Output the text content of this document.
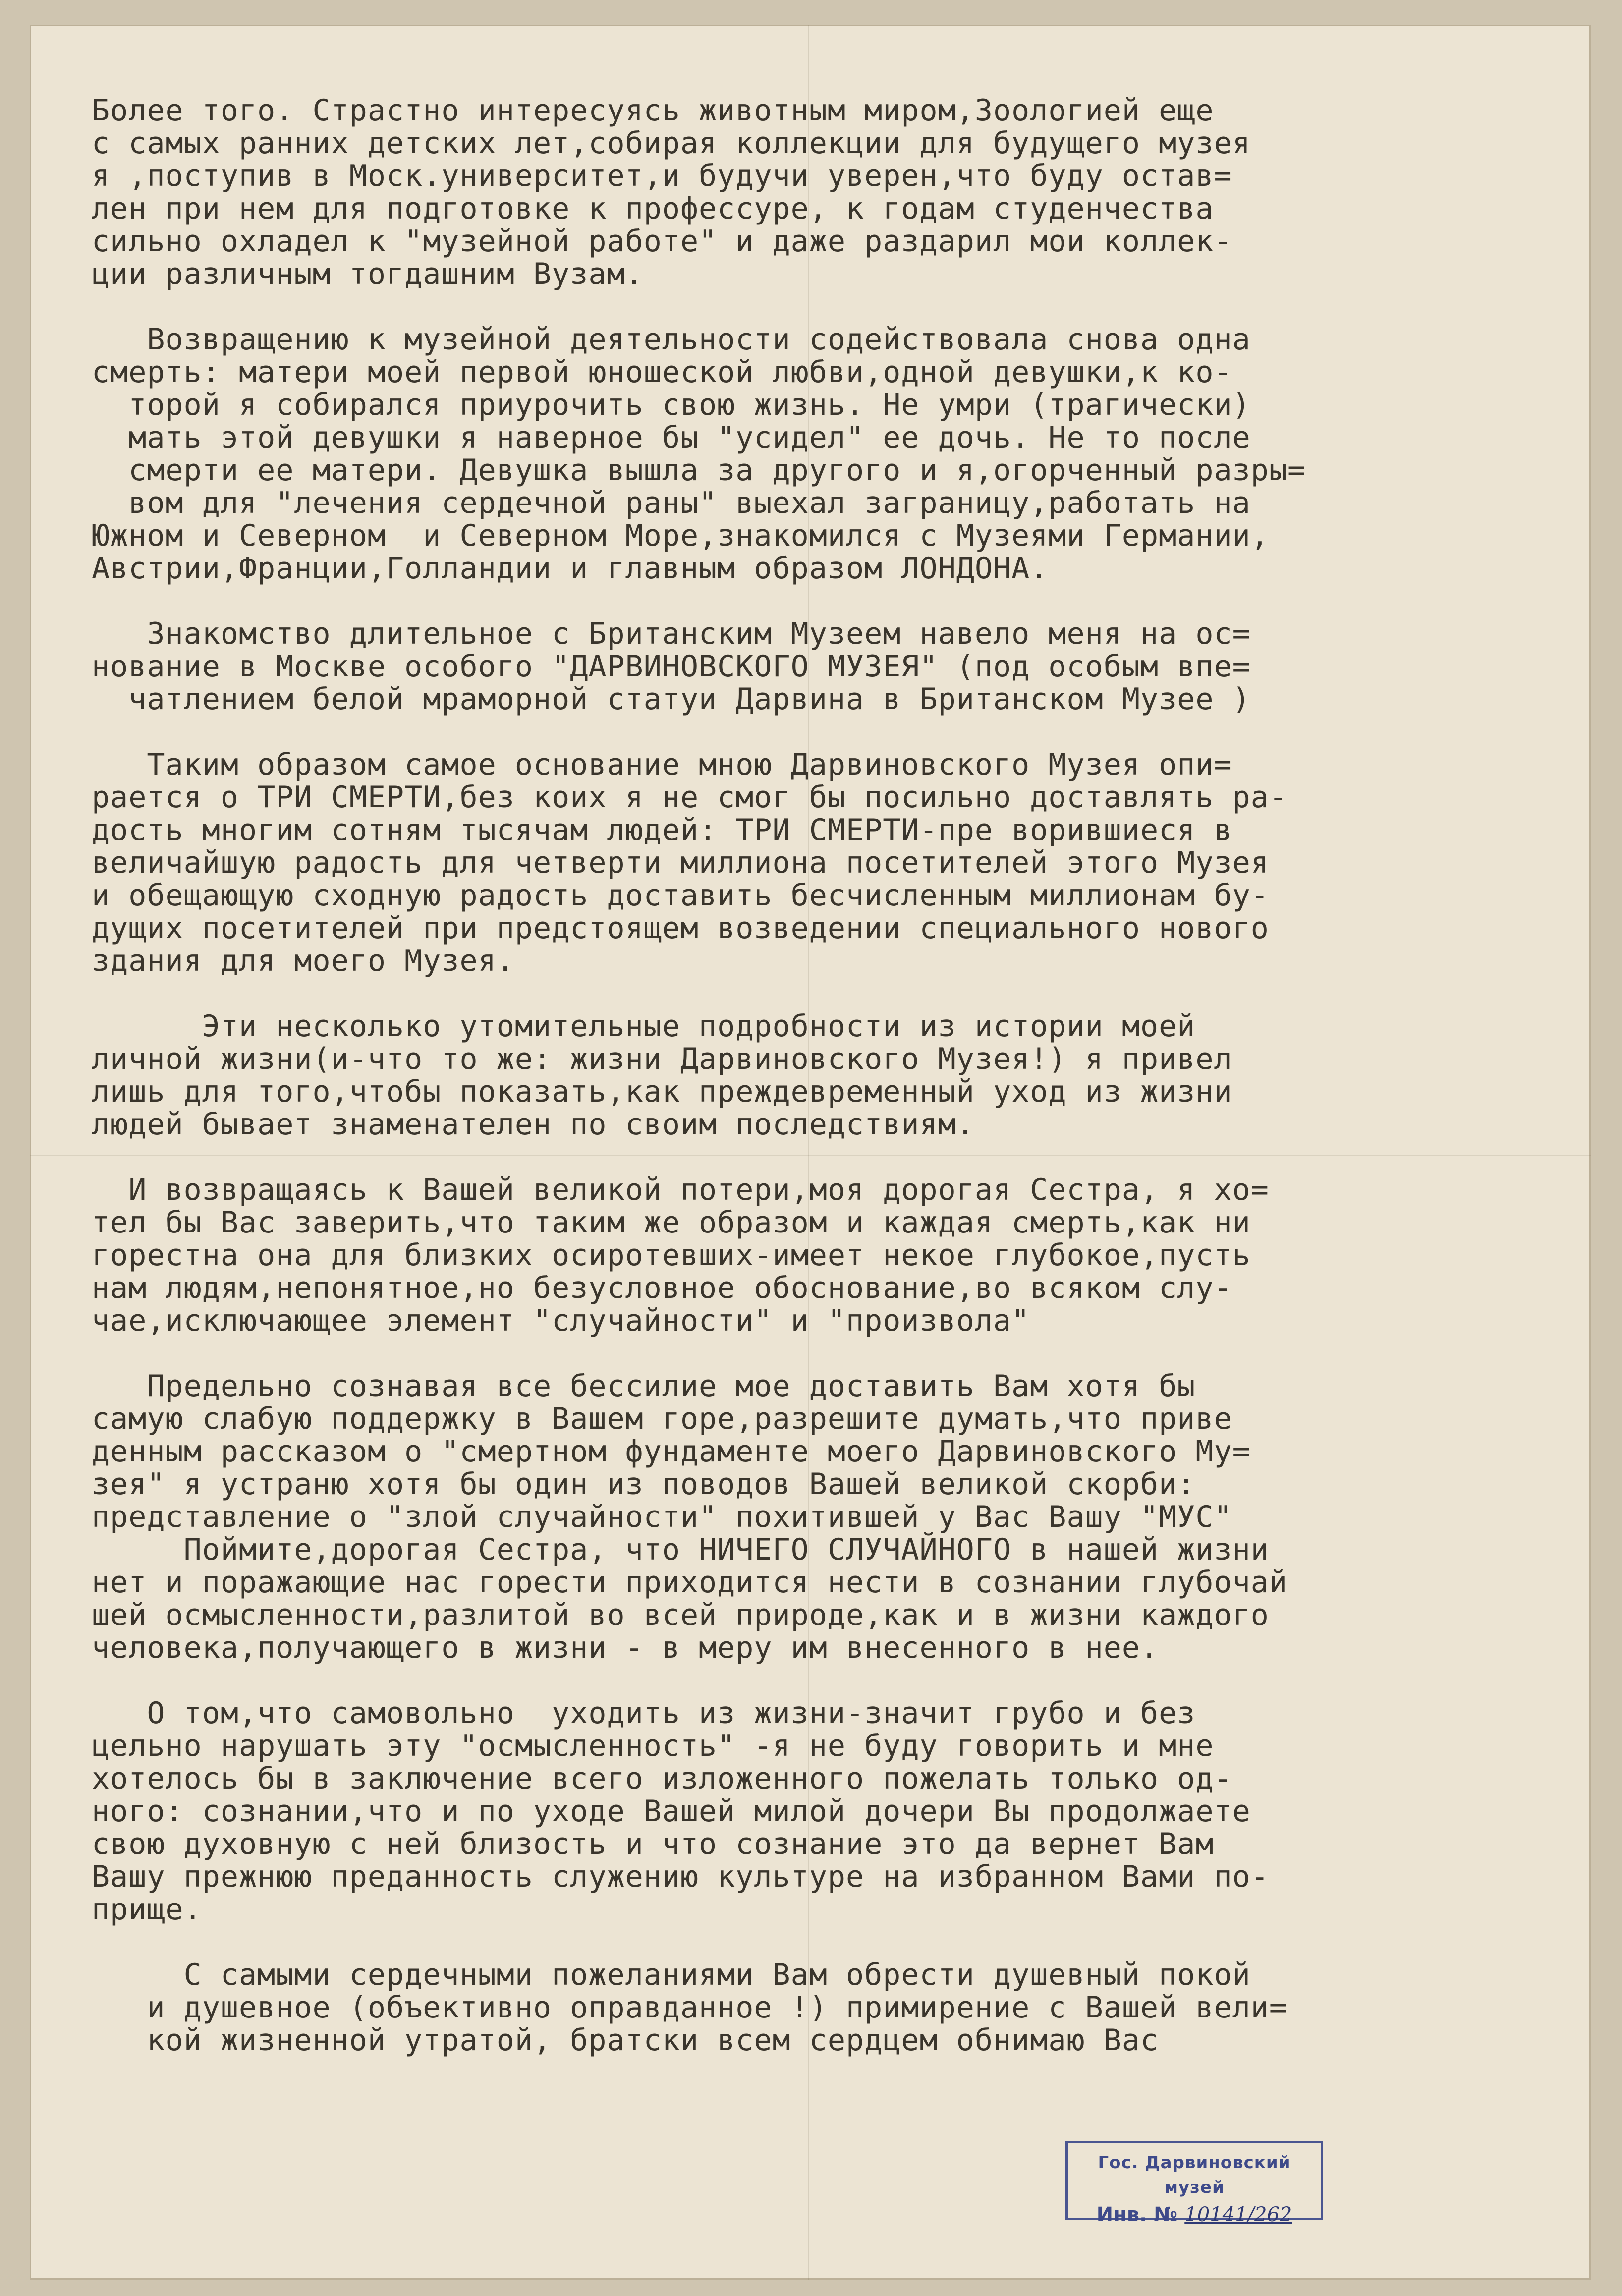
Более того. Страстно интересуясь животным миром,Зоологией еще
с самых ранних детских лет,собирая коллекции для будущего музея
я ,поступив в Моск.университет,и будучи уверен,что буду остав=
лен при нем для подготовке к профессуре, к годам студенчества
сильно охладел к "музейной работе" и даже раздарил мои коллек-
ции различным тогдашним Вузам.
Возвращению к музейной деятельности содействовала снова одна
смерть: матери моей первой юношеской любви,одной девушки,к ко-
торой я собирался приурочить свою жизнь. Не умри (трагически)
мать этой девушки я наверное бы "усидел" ее дочь. Не то после
смерти ее матери. Девушка вышла за другого и я,огорченный разры=
вом для "лечения сердечной раны" выехал заграницу,работать на
Южном и Северном  и Северном Море,знакомился с Музеями Германии,
Австрии,Франции,Голландии и главным образом ЛОНДОНА.
Знакомство длительное с Британским Музеем навело меня на ос=
нование в Москве особого "ДАРВИНОВСКОГО МУЗЕЯ" (под особым впе=
чатлением белой мраморной статуи Дарвина в Британском Музее )
Таким образом самое основание мною Дарвиновского Музея опи=
рается о ТРИ СМЕРТИ,без коих я не смог бы посильно доставлять ра-
дость многим сотням тысячам людей: ТРИ СМЕРТИ-пре ворившиеся в
величайшую радость для четверти миллиона посетителей этого Музея
и обещающую сходную радость доставить бесчисленным миллионам бу-
дущих посетителей при предстоящем возведении специального нового
здания для моего Музея.
Эти несколько утомительные подробности из истории моей
личной жизни(и-что то же: жизни Дарвиновского Музея!) я привел
лишь для того,чтобы показать,как преждевременный уход из жизни
людей бывает знаменателен по своим последствиям.
И возвращаясь к Вашей великой потери,моя дорогая Сестра, я хо=
тел бы Вас заверить,что таким же образом и каждая смерть,как ни
горестна она для близких осиротевших-имеет некое глубокое,пусть
нам людям,непонятное,но безусловное обоснование,во всяком слу-
чае,исключающее элемент "случайности" и "произвола"
Предельно сознавая все бессилие мое доставить Вам хотя бы
самую слабую поддержку в Вашем горе,разрешите думать,что приве
денным рассказом о "смертном фундаменте моего Дарвиновского Му=
зея" я устраню хотя бы один из поводов Вашей великой скорби:
представление о "злой случайности" похитившей у Вас Вашу "МУС"
Поймите,дорогая Сестра, что НИЧЕГО СЛУЧАЙНОГО в нашей жизни
нет и поражающие нас горести приходится нести в сознании глубочай
шей осмысленности,разлитой во всей природе,как и в жизни каждого
человека,получающего в жизни - в меру им внесенного в нее.
О том,что самовольно  уходить из жизни-значит грубо и без
цельно нарушать эту "осмысленность" -я не буду говорить и мне
хотелось бы в заключение всего изложенного пожелать только од-
ного: сознании,что и по уходе Вашей милой дочери Вы продолжаете
свою духовную с ней близость и что сознание это да вернет Вам
Вашу прежнюю преданность служению культуре на избранном Вами по-
прище.
С самыми сердечными пожеланиями Вам обрести душевный покой
и душевное (объективно оправданное !) примирение с Вашей вели=
кой жизненной утратой, братски всем сердцем обнимаю Вас
Гос. Дарвиновский музей
Инв. № 10141/262
